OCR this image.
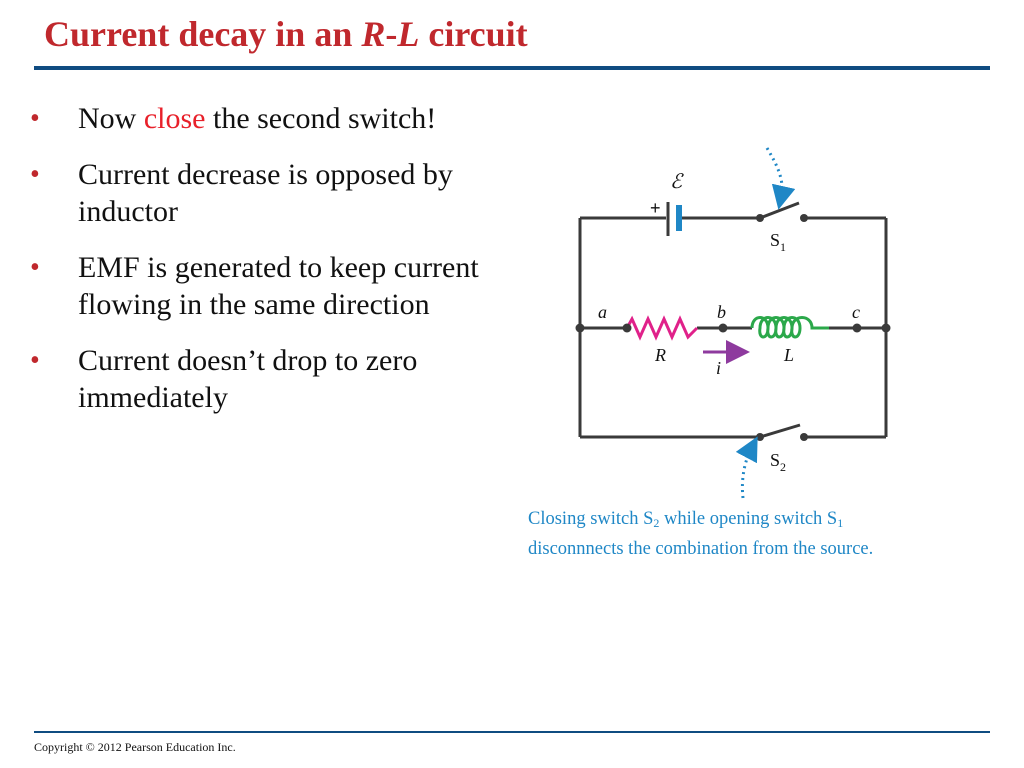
Current decay in an R-L circuit
• Now close the second switch!
• Current decrease is opposed by inductor
• EMF is generated to keep current flowing in the same direction
• Current doesn’t drop to zero immediately
+
ℰ
$S_1$
$S_2$
R	L
a	b	c
i
Closing switch $S_2$ while opening switch $S_1$
disconnnects the combination from the source.
Copyright © 2012 Pearson Education Inc.
